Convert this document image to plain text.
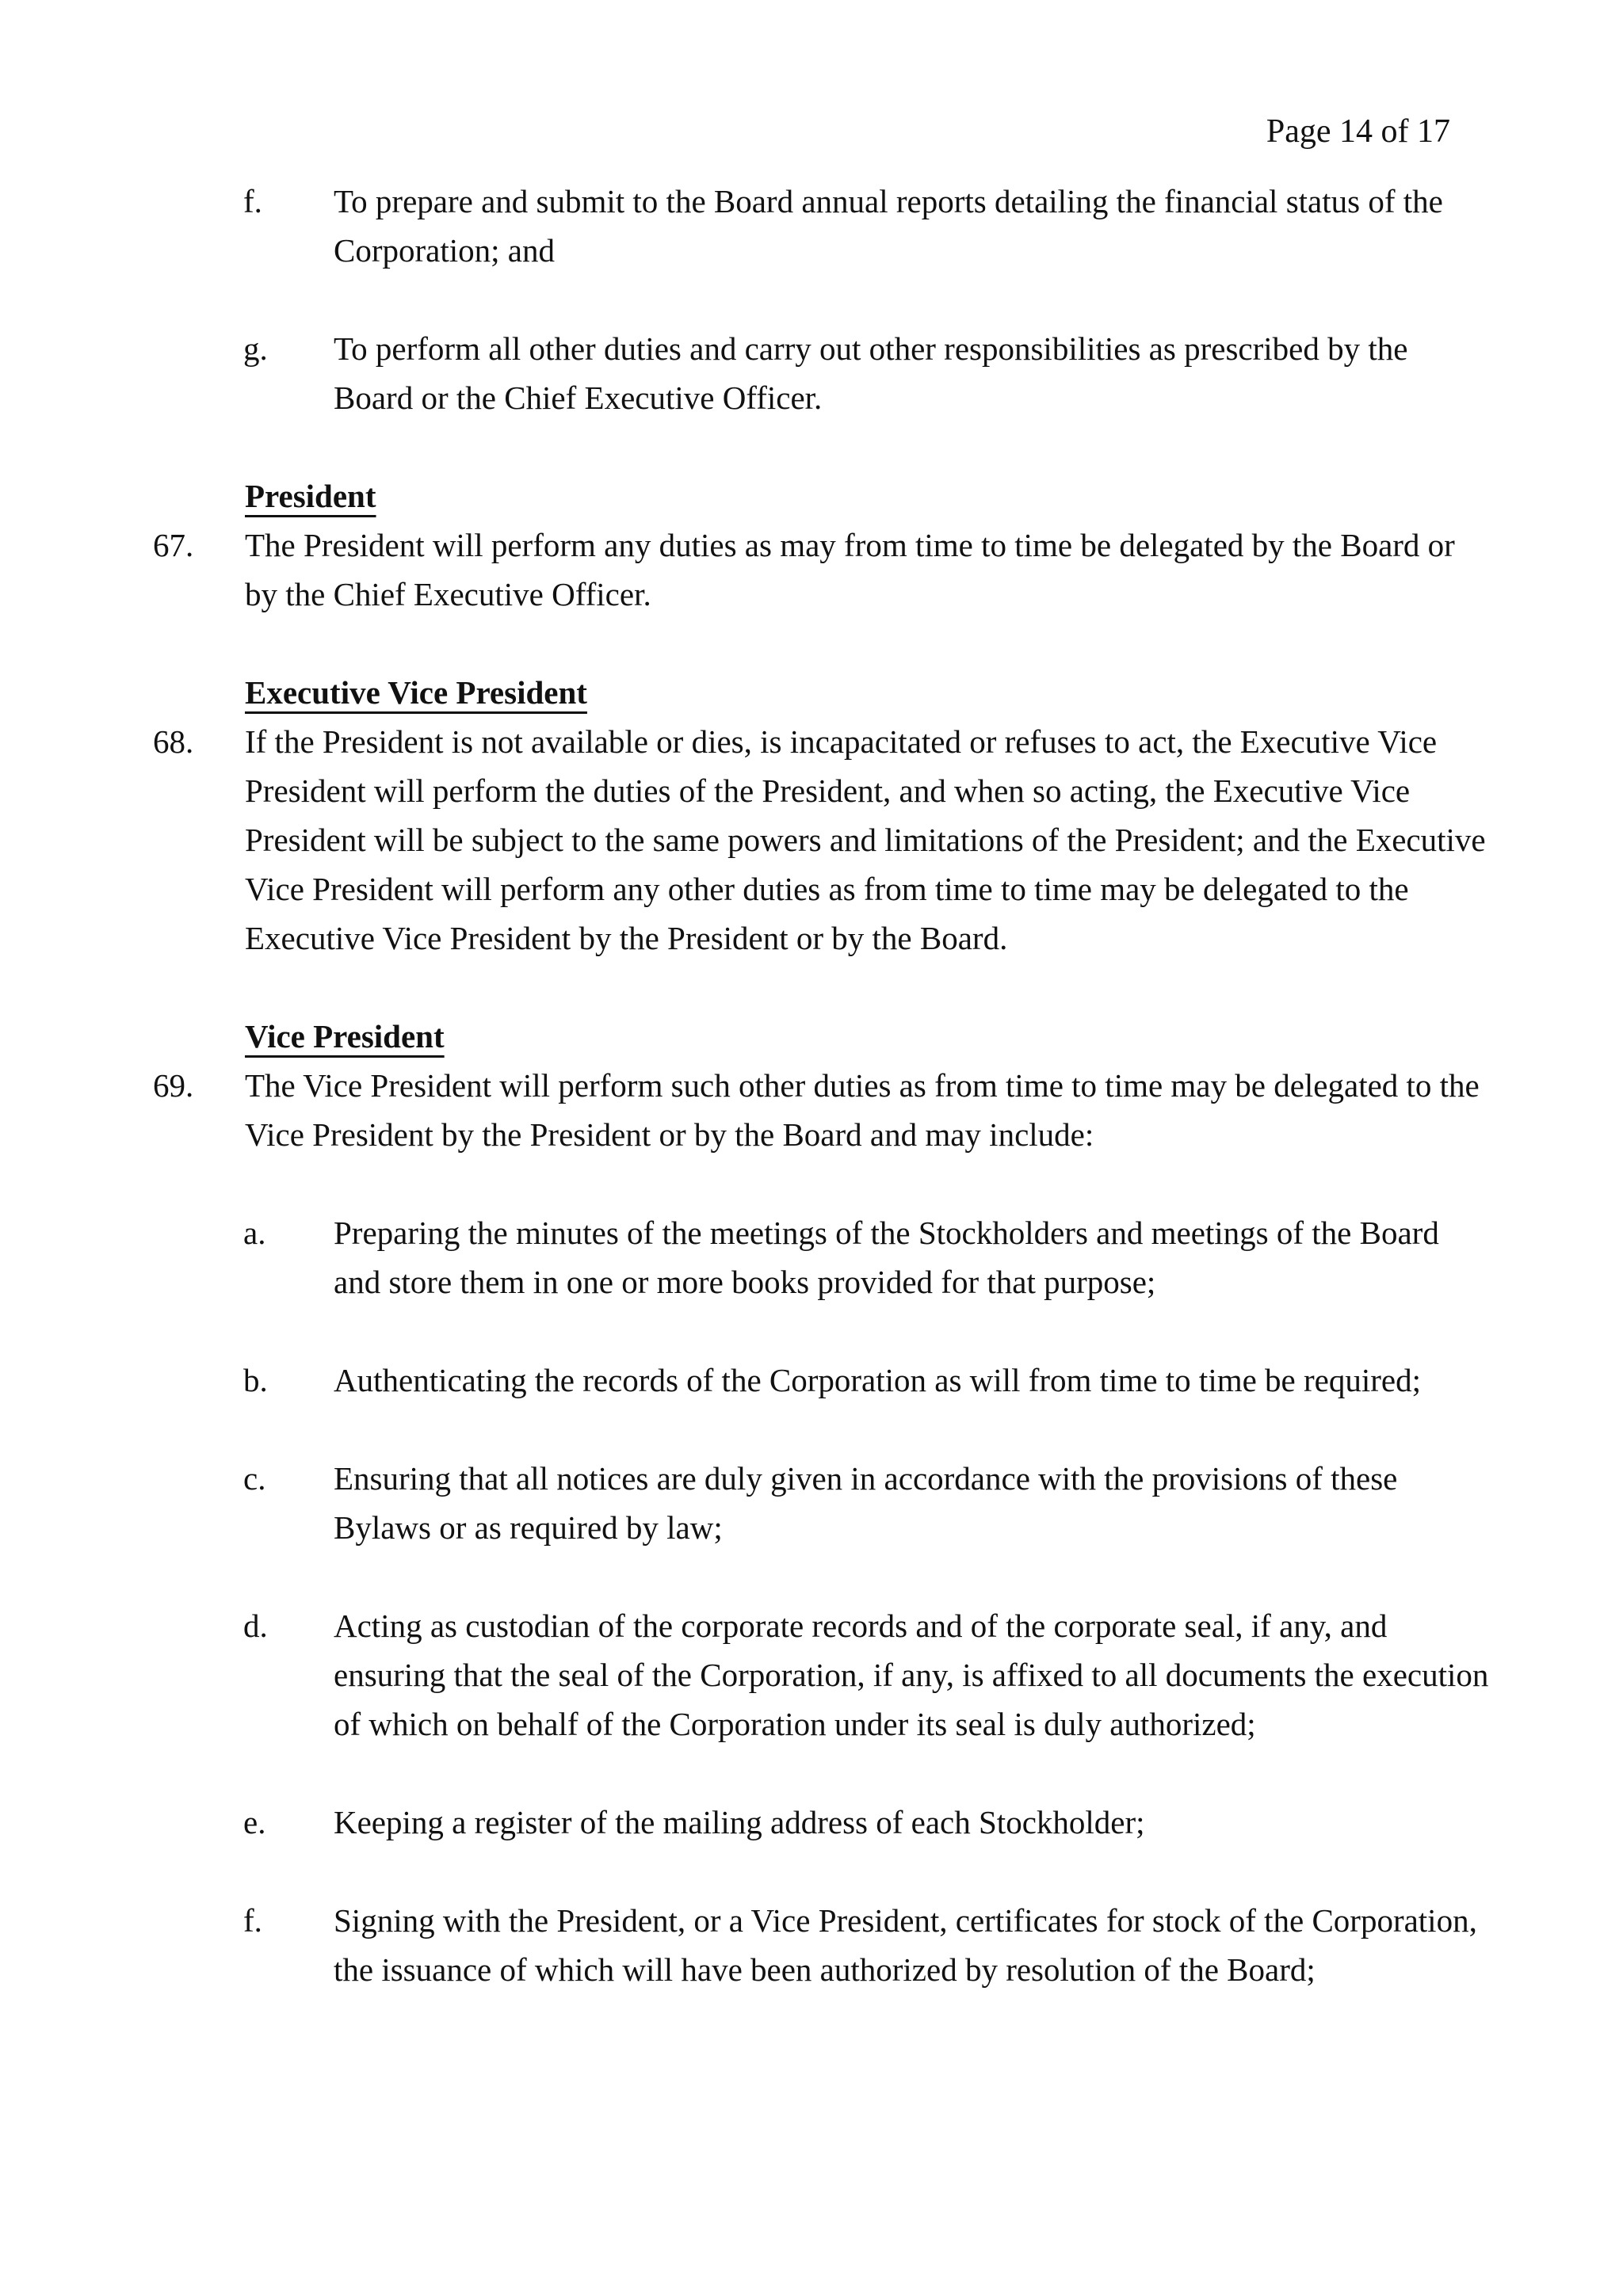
Page 14 of 17
f.	To prepare and submit to the Board annual reports detailing the financial status of the Corporation; and
g.	To perform all other duties and carry out other responsibilities as prescribed by the Board or the Chief Executive Officer.
President
67.	The President will perform any duties as may from time to time be delegated by the Board or by the Chief Executive Officer.
Executive Vice President
68.	If the President is not available or dies, is incapacitated or refuses to act, the Executive Vice President will perform the duties of the President, and when so acting, the Executive Vice President will be subject to the same powers and limitations of the President; and the Executive Vice President will perform any other duties as from time to time may be delegated to the Executive Vice President by the President or by the Board.
Vice President
69.	The Vice President will perform such other duties as from time to time may be delegated to the Vice President by the President or by the Board and may include:
a.	Preparing the minutes of the meetings of the Stockholders and meetings of the Board and store them in one or more books provided for that purpose;
b.	Authenticating the records of the Corporation as will from time to time be required;
c.	Ensuring that all notices are duly given in accordance with the provisions of these Bylaws or as required by law;
d.	Acting as custodian of the corporate records and of the corporate seal, if any, and ensuring that the seal of the Corporation, if any, is affixed to all documents the execution of which on behalf of the Corporation under its seal is duly authorized;
e.	Keeping a register of the mailing address of each Stockholder;
f.	Signing with the President, or a Vice President, certificates for stock of the Corporation, the issuance of which will have been authorized by resolution of the Board;
